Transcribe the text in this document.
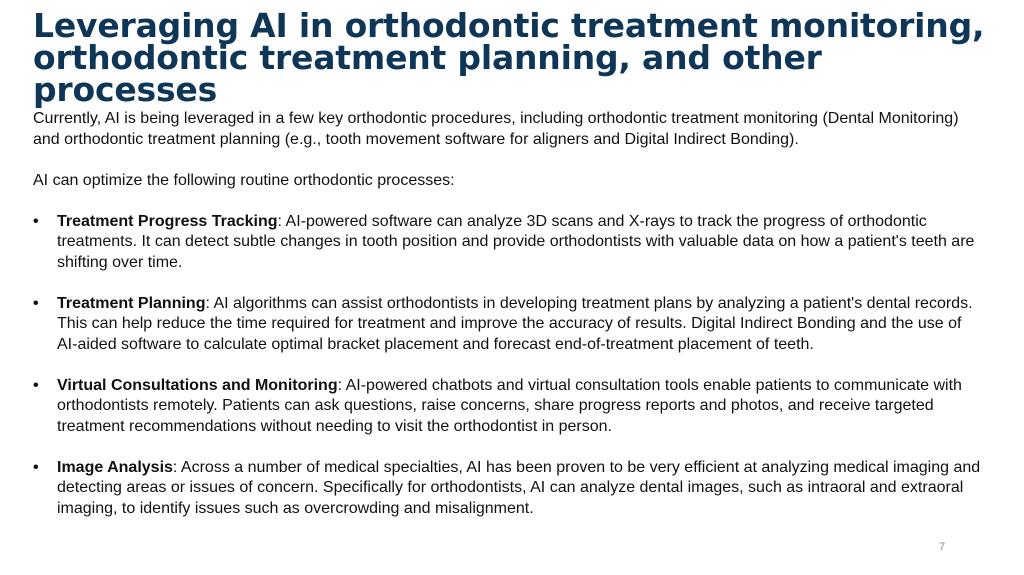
Leveraging AI in orthodontic treatment monitoring, orthodontic treatment planning, and other processes

Currently, AI is being leveraged in a few key orthodontic procedures, including orthodontic treatment monitoring (Dental Monitoring) and orthodontic treatment planning (e.g., tooth movement software for aligners and Digital Indirect Bonding).

AI can optimize the following routine orthodontic processes:

•	Treatment Progress Tracking: AI-powered software can analyze 3D scans and X-rays to track the progress of orthodontic treatments. It can detect subtle changes in tooth position and provide orthodontists with valuable data on how a patient's teeth are shifting over time.
•	Treatment Planning: AI algorithms can assist orthodontists in developing treatment plans by analyzing a patient's dental records. This can help reduce the time required for treatment and improve the accuracy of results. Digital Indirect Bonding and the use of AI-aided software to calculate optimal bracket placement and forecast end-of-treatment placement of teeth.
•	Virtual Consultations and Monitoring: AI-powered chatbots and virtual consultation tools enable patients to communicate with orthodontists remotely. Patients can ask questions, raise concerns, share progress reports and photos, and receive targeted treatment recommendations without needing to visit the orthodontist in person.
•	Image Analysis: Across a number of medical specialties, AI has been proven to be very efficient at analyzing medical imaging and detecting areas or issues of concern. Specifically for orthodontists, AI can analyze dental images, such as intraoral and extraoral imaging, to identify issues such as overcrowding and misalignment.
7
